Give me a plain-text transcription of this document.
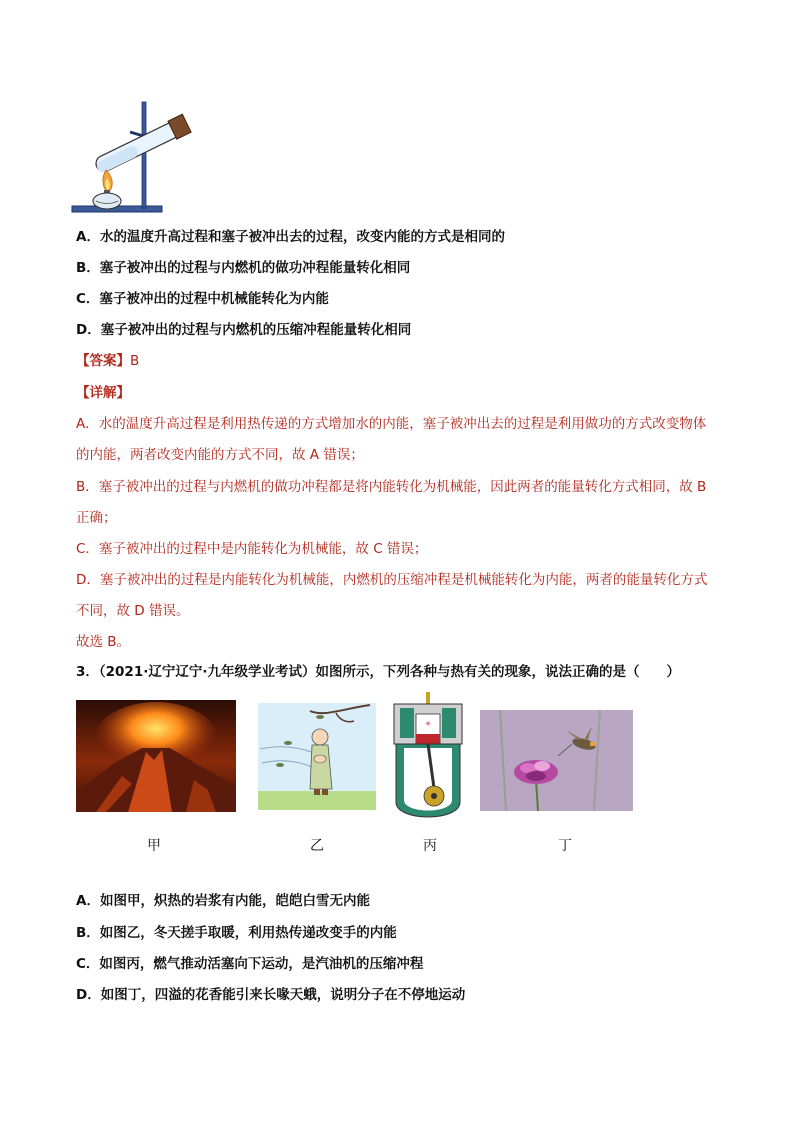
A．水的温度升高过程和塞子被冲出去的过程，改变内能的方式是相同的
B．塞子被冲出的过程与内燃机的做功冲程能量转化相同
C．塞子被冲出的过程中机械能转化为内能
D．塞子被冲出的过程与内燃机的压缩冲程能量转化相同
【答案】B
【详解】
A．水的温度升高过程是利用热传递的方式增加水的内能，塞子被冲出去的过程是利用做功的方式改变物体
的内能，两者改变内能的方式不同，故 A 错误；
B．塞子被冲出的过程与内燃机的做功冲程都是将内能转化为机械能，因此两者的能量转化方式相同，故 B
正确；
C．塞子被冲出的过程中是内能转化为机械能，故 C 错误；
D．塞子被冲出的过程是内能转化为机械能，内燃机的压缩冲程是机械能转化为内能，两者的能量转化方式
不同，故 D 错误。
故选 B。
3．（2021·辽宁辽宁·九年级学业考试）如图所示，下列各种与热有关的现象，说法正确的是（　　）
✳
甲	乙	丙	丁
A．如图甲，炽热的岩浆有内能，皑皑白雪无内能
B．如图乙，冬天搓手取暖，利用热传递改变手的内能
C．如图丙，燃气推动活塞向下运动，是汽油机的压缩冲程
D．如图丁，四溢的花香能引来长喙天蛾，说明分子在不停地运动
